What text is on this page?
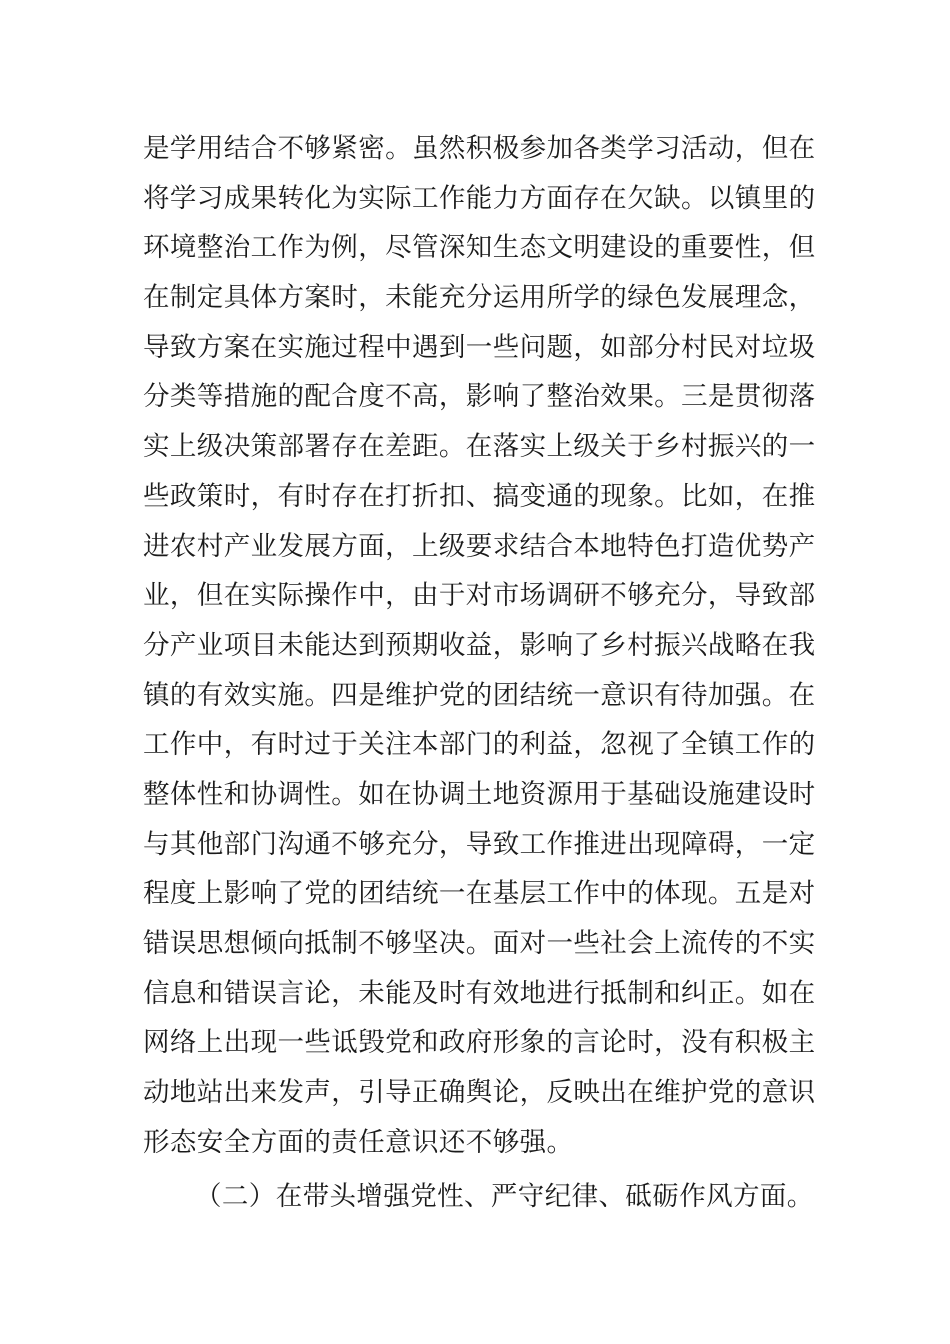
是学用结合不够紧密。虽然积极参加各类学习活动，但在
将学习成果转化为实际工作能力方面存在欠缺。以镇里的
环境整治工作为例，尽管深知生态文明建设的重要性，但
在制定具体方案时，未能充分运用所学的绿色发展理念，
导致方案在实施过程中遇到一些问题，如部分村民对垃圾
分类等措施的配合度不高，影响了整治效果。三是贯彻落
实上级决策部署存在差距。在落实上级关于乡村振兴的一
些政策时，有时存在打折扣、搞变通的现象。比如，在推
进农村产业发展方面，上级要求结合本地特色打造优势产
业，但在实际操作中，由于对市场调研不够充分，导致部
分产业项目未能达到预期收益，影响了乡村振兴战略在我
镇的有效实施。四是维护党的团结统一意识有待加强。在
工作中，有时过于关注本部门的利益，忽视了全镇工作的
整体性和协调性。如在协调土地资源用于基础设施建设时
与其他部门沟通不够充分，导致工作推进出现障碍，一定
程度上影响了党的团结统一在基层工作中的体现。五是对
错误思想倾向抵制不够坚决。面对一些社会上流传的不实
信息和错误言论，未能及时有效地进行抵制和纠正。如在
网络上出现一些诋毁党和政府形象的言论时，没有积极主
动地站出来发声，引导正确舆论，反映出在维护党的意识
形态安全方面的责任意识还不够强。
（二）在带头增强党性、严守纪律、砥砺作风方面。
